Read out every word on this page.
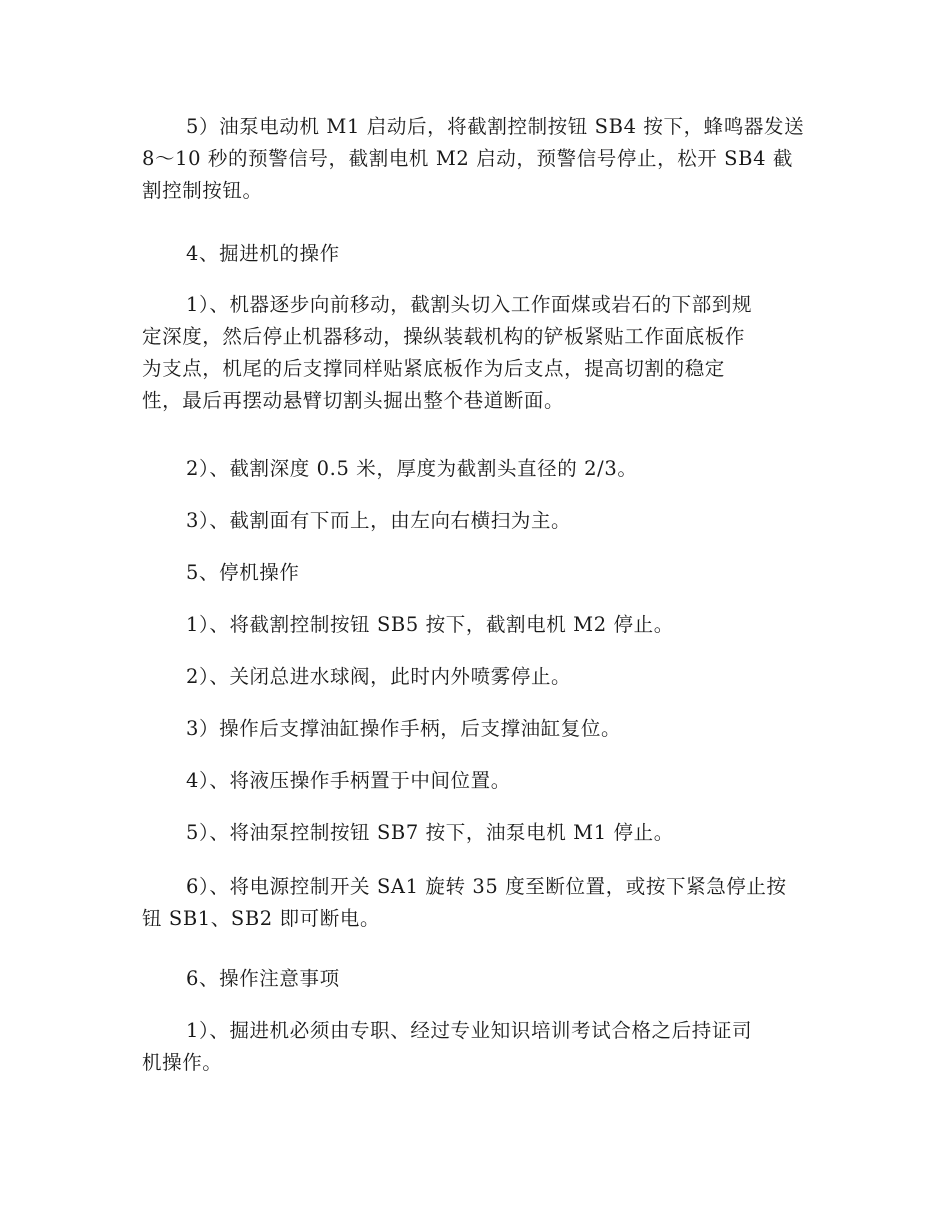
5）油泵电动机 M1 启动后，将截割控制按钮 SB4 按下，蜂鸣器发送
8～10 秒的预警信号，截割电机 M2 启动，预警信号停止，松开 SB4 截
割控制按钮。
4、掘进机的操作
1）、机器逐步向前移动，截割头切入工作面煤或岩石的下部到规
定深度，然后停止机器移动，操纵装载机构的铲板紧贴工作面底板作
为支点，机尾的后支撑同样贴紧底板作为后支点，提高切割的稳定
性，最后再摆动悬臂切割头掘出整个巷道断面。
2）、截割深度 0.5 米，厚度为截割头直径的 2/3。
3）、截割面有下而上，由左向右横扫为主。
5、停机操作
1）、将截割控制按钮 SB5 按下，截割电机 M2 停止。
2）、关闭总进水球阀，此时内外喷雾停止。
3）操作后支撑油缸操作手柄，后支撑油缸复位。
4）、将液压操作手柄置于中间位置。
5）、将油泵控制按钮 SB7 按下，油泵电机 M1 停止。
6）、将电源控制开关 SA1 旋转 35 度至断位置，或按下紧急停止按
钮 SB1、SB2 即可断电。
6、操作注意事项
1）、掘进机必须由专职、经过专业知识培训考试合格之后持证司
机操作。
